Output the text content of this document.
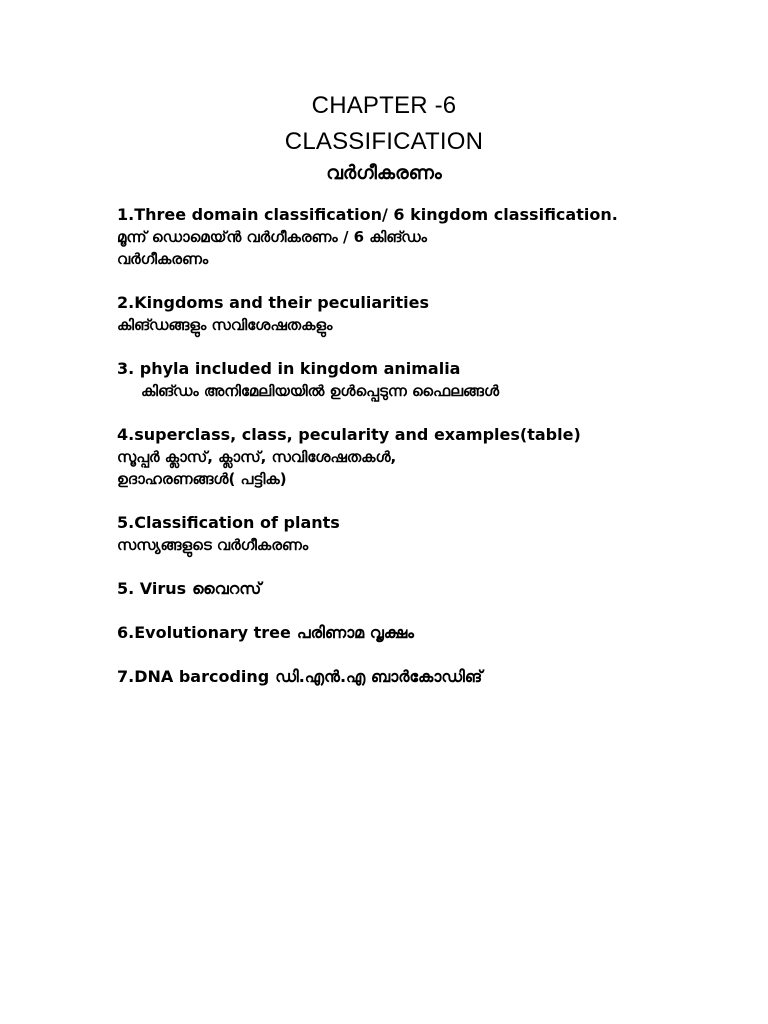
CHAPTER -6
CLASSIFICATION
വർഗീകരണം
1.Three domain classification/ 6 kingdom classification.
മൂന്ന് ഡൊമെയ്ൻ വർഗീകരണം / 6 കിങ്ഡം
വർഗീകരണം
2.Kingdoms and their peculiarities
കിങ്ഡങ്ങളും സവിശേഷതകളും
3. phyla included in kingdom animalia
കിങ്ഡം അനിമേലിയയിൽ ഉൾപ്പെടുന്ന ഫൈലങ്ങൾ
4.superclass, class, pecularity and examples(table)
സൂപ്പർ ക്ലാസ്, ക്ലാസ്, സവിശേഷതകൾ,
ഉദാഹരണങ്ങൾ( പട്ടിക)
5.Classification of plants
സസ്യങ്ങളുടെ വർഗീകരണം
5. Virus വൈറസ്
6.Evolutionary tree പരിണാമ വൃക്ഷം
7.DNA barcoding ഡി.എൻ.എ ബാർകോഡിങ്
